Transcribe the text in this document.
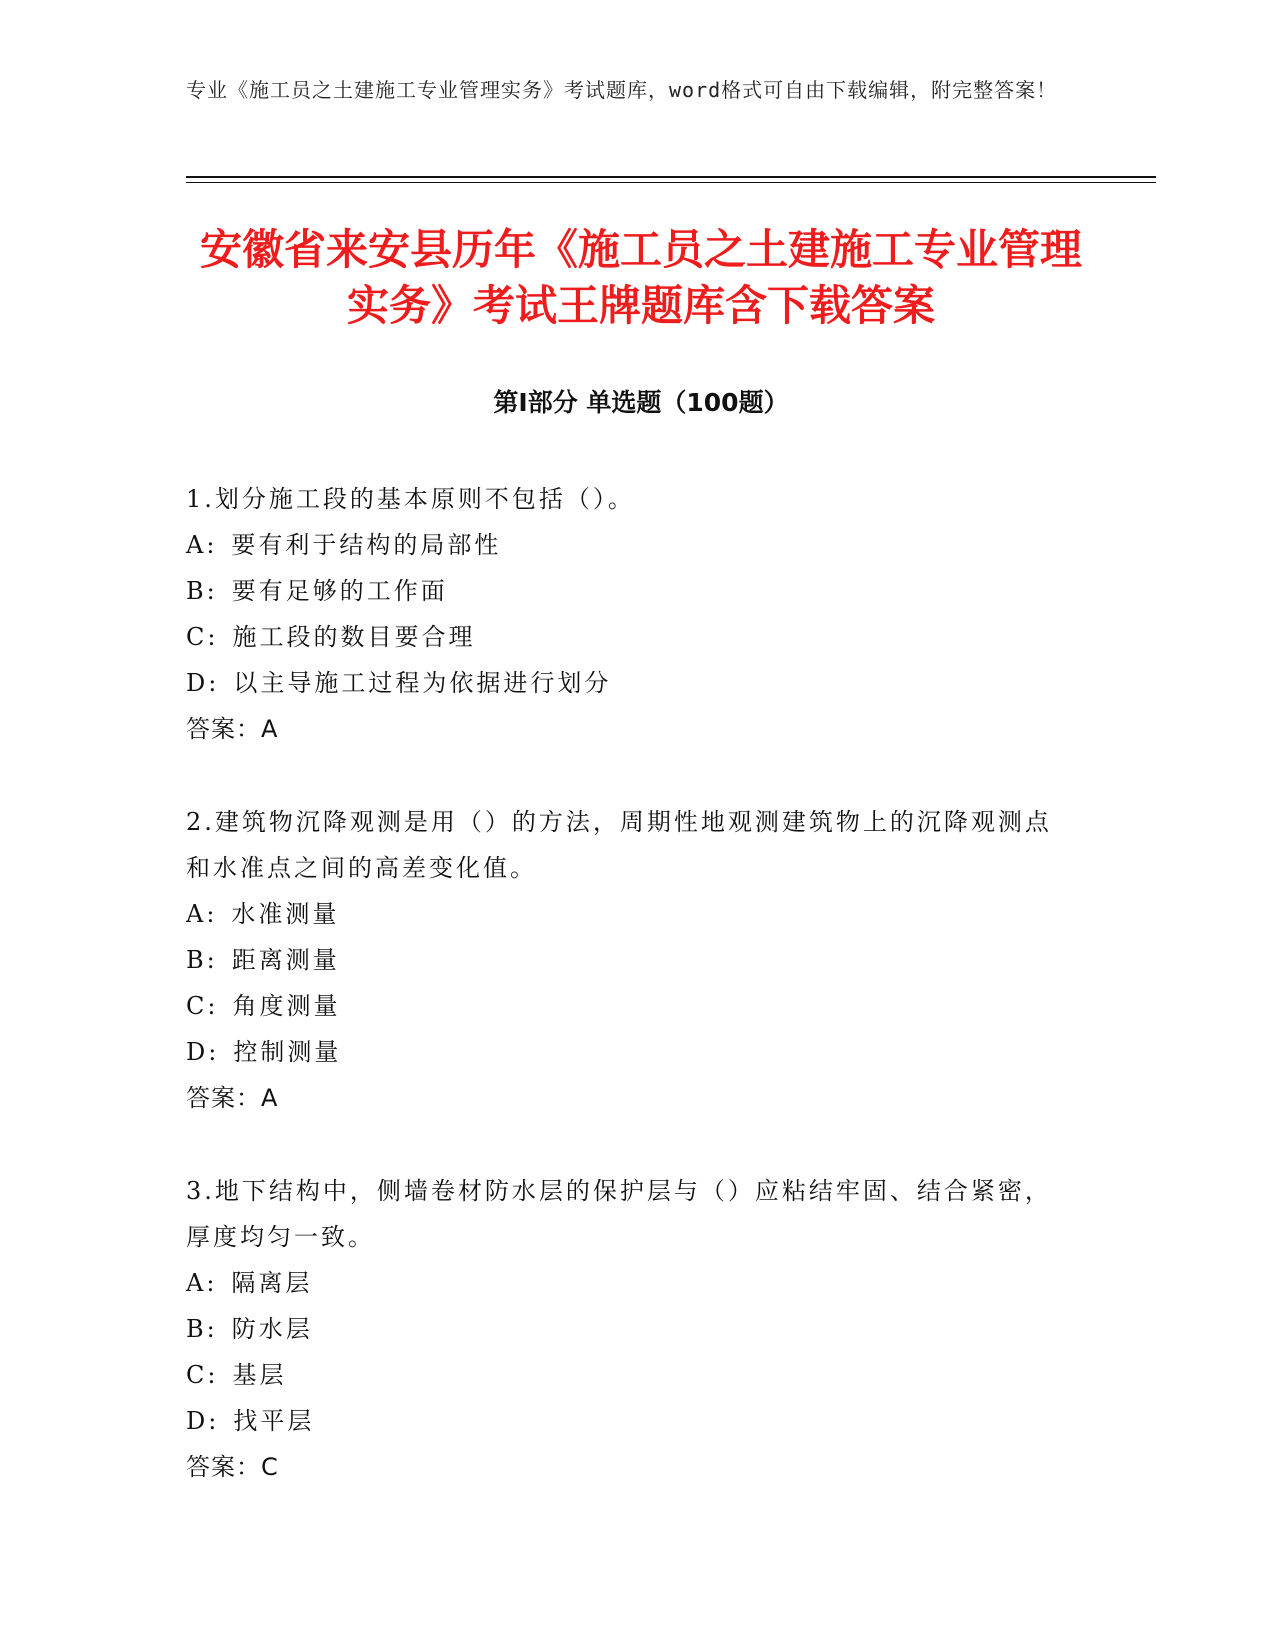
专业《施工员之土建施工专业管理实务》考试题库，word格式可自由下载编辑，附完整答案！
安徽省来安县历年《施工员之土建施工专业管理实务》考试王牌题库含下载答案
第Ⅰ部分 单选题（100题）
1.划分施工段的基本原则不包括（）。
A: 要有利于结构的局部性
B: 要有足够的工作面
C: 施工段的数目要合理
D: 以主导施工过程为依据进行划分
答案：A
2.建筑物沉降观测是用（）的方法，周期性地观测建筑物上的沉降观测点和水准点之间的高差变化值。
A: 水准测量
B: 距离测量
C: 角度测量
D: 控制测量
答案：A
3.地下结构中，侧墙卷材防水层的保护层与（）应粘结牢固、结合紧密，厚度均匀一致。
A: 隔离层
B: 防水层
C: 基层
D: 找平层
答案：C
